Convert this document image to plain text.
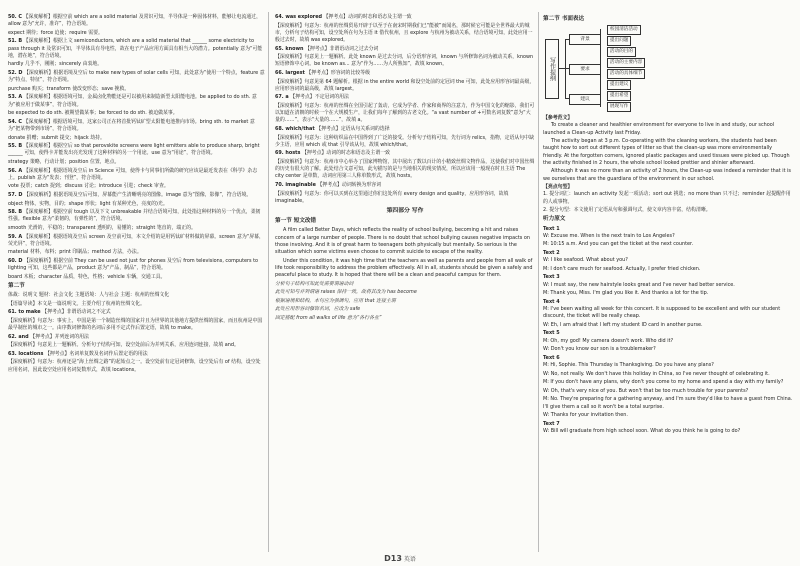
50. C 【深度解析】根据空前 which are a solid material 及常识可知，半导体是一种固体材料，能够让电流通过，allow 意为“允许，准许”，符合语境。

expect 期待；force 迫使；require 需要。

51. B 【深度解析】根据上文 semiconductors, which are a solid material that ______ some electricity to pass through it 及常识可知，半导体具有导电性，故在电子产品应用方面具有相当大的潜力。potentially 意为“可能地，潜在地”，符合语境。

hardly 几乎不，刚刚；sincerely 由衷地。

52. D 【深度解析】根据语境及空后 to make new types of solar cells 可知，此处意为“使用一个特点，feature 意为“特点，特征”，符合语境。

purchase 购买；transform 使改变形态；save 挽救。

53. A 【深度解析】根据语境可知，金属卤化物能还是可以被用来制造新型太阳能电池。be applied to do sth. 意为“被应用于做某事”，符合语境。

be expected to do sth. 被期望做某事；be forced to do sth. 被迫做某事。

54. C 【深度解析】根据语境可知，这家公司正在将首批钙钛矿型太阳能电池推向市场。bring sth. to market 意为“把某物带到市场”，符合语境。

donate 捐赠；submit 提交；hijack 劫持。

55. B 【深度解析】根据空后 so that perovskite screens were light emitters able to produce sharp, bright ______ 可知，使得卡并能发出亮光发现了这种材料的另一个用途。use 意为“用途”，符合语境。

strategy 策略，行动计划；position 位置，地点。

56. A 【深度解析】根据语境及空后 in Science 可知，使得卡与同事们所做的研究应该是最近发表在《科学》杂志上。publish 意为“发表；刊登”，符合语境。

vote 投票；catch 捉到；discuss 讨论；introduce 引进；check 审查。

57. D 【深度解析】根据语境及空后可知，屏幕能产生清晰明亮的图像。image 意为“图像，影像”，符合语境。

object 物体，实物，目的；shape 形状；light 有某种光色，亮度的)光。

58. B 【深度解析】根据空前 tough 以及下文 unbreakable 并结合语境可知，此处指这种材料的另一个优点，柔韧性强。flexible 意为“柔韧的，有弹性的”，符合语境。

smooth 光滑的，平稳的；transparent 透明的，易懂的；straight 笔直的，端正的。

59. A 【深度解析】根据语境及空后 screen 及空前可知，本文介绍的是用钙钛矿材料做的屏幕。screen 意为“屏幕，荧光屏”，符合语境。

material 材料，布料；print 印刷品；method 方法，办法。

60. D 【深度解析】根据空前 They can be used not just for phones 及空后 from televisions, computers to lighting 可知，这些都是产品，product 意为“产品，制品”，符合语境。

board 木板；character 品质，特色，性格；vehicle 车辆，交通工具。

第二节

体裁：说明文 题材：社会文化 主题语境：人与社会 主题：杭州的丝绸文化

【语篇导读】本文是一篇说明文。主要介绍了杭州的丝绸文化。

61. to make 【押考点】非谓语动词之不定式

【深度解析】句意为：事实上，中国是第一个制造丝绸的国家并且为世界的其他地方提供丝绸的国家，而且杭州是中国最早制丝的城市之一。由序数词修饰的名词后多用不定式作后置定语，故填 to make。

62. and 【押考点】并列连词的用法

【深度解析】句意见上一题解析。分析句子结构可知，设空处前后为并列关系，应用连词连接，故填 and。

63. locations 【押考点】名词单复数及名词作后置定语的用法

【深度解析】句意为：杭州还是“海上丝绸之路”的起始点之一。设空处前有定冠词修饰，设空处后有 of 结构，设空处应用名词，因此设空处应用名词复数形式，故填 locations。

64. was explored 【押考点】动词的时态和语态及主谓一致

【深度解析】句意为：杭州的丝绸贸易开辟于以至于在南宋时期我们已“能被”而闻名，那时候它可能是全世界最大的城市，分析句子结构可知，设空处所在句为主语 it 借代杭州，且 explore 与杭州为被动关系，结合语境可知，此处应用一般过去时，故填 was explored。

65. known 【押考点】非谓语动词之过去分词

【深度解析】句意见上一题解析。此处 known 是过去分词，后分语形容词，known 与所修饰名词为被动关系，known 短语修饰中心词。be known as... 意为“作为……为人所熟知”，故填 known。

66. largest 【押考点】形容词的比较等级

【深度解析】句意见第 64 题解析。根据 in the entire world 和设空处前的定冠词 the 可知，此处应用形容词最高级，应用形容词的最高级，故填 largest。

67. a 【押考点】不定冠词的用法

【深度解析】句意为：杭州的丝绸在全国引起了轰动，它成为学者、作家和商界的注意力，作为中国文化的缩影，我们可以知道在清朝的时候一个在大规模生产，让我们每年了解到的古老文化。“a vast number of +可数名词复数”意为“大量的……”，表示“大量的……”，故填 a。

68. which/that 【押考点】定语从句关系词的选择

【深度解析】句意为：这种纺织品在中国得到了广泛的接受。分析句子结构可知，先行词为 relics，指物，定语从句中缺少主语，应用 which 或 that 引导该从句，故填 which/that。

69. hosts 【押考点】动词的时态和语态及主谓一致

【深度解析】句意为：杭州市中心举办了国家博物馆，其中展出了数以百计的小精致丝绸文物作品，这使我们对中国丝绸的历史有很大的了解。此处结合文意可知，此句描写的是与当地相关的现实情况，所以应该用一般现在时且主语 The city center 是单数，动词应用第三人称单数形式，故填 hosts。

70. imaginable 【押考点】动词转换为形容词

【深度解析】句意为：你可以买到在这里通过你们这处所有 every design and quality，应用形容词，故填 imaginable。

第四部分 写作
第一节 短文改错

A film called Better Days, which reflects the reality of school bullying, becoming a hit and raises concern of a large number of people. There is no doubt that school bullying causes negative impacts on those involving. And it is of great harm to teenagers both physically but mentally. So serious is the situation which some victims even choose to commit suicide to escape of the reality.

Under this condition, it was high time that the teachers as well as parents and people from all walk of life took responsibility to address the problem effectively. All in all, students should be given a safely and peaceful place to study. It is hoped that there will be a clean and peaceful campus for them.

分析句子结构可知此处需要谓语动词

此处可知与并列谓语 raises 保持一致，故将其改为 has become

根据语境和结构，本句应为强调句，应用 that 连接主谓

此处应用形容词修饰名词，应改为 safe

固定搭配 from all walks of life 意为“各行各业”

第二节 书面表达
写作提纲
背景
要求
建议
校园清洁活动
提出问题
活动的目的
活动的主要内容
活动的具体细节
提出建议
提出希望
展现写作
【参考范文】

To create a cleaner and healthier environment for everyone to live in and study, our school launched a Clean-up Activity last Friday.

The activity began at 3 p.m. Co-operating with the cleaning workers, the students had been taught how to sort out different types of litter so that the clean-up was more environmentally friendly. At the forgotten corners, ignored plastic packages and used tissues were picked up. Though the activity finished in 2 hours, the whole school looked prettier and shinier afterward.

Although it was no more than an activity of 2 hours, the Clean-up was indeed a reminder that it is we ourselves that are the guardians of the environment in our school.

【亮点句型】

1. 提分词汇：launch an activity 发起一项活动；sort out 挑选；no more than 只不过；reminder 起提醒作用的人或事物。

2. 提分句型：本文使用了定语从句和强调句式，使文章内容丰富，结构清晰。

听力原文
Text 1

W: Excuse me. When is the next train to Los Angeles?

M: 10:15 a.m. And you can get the ticket at the next counter.

Text 2

W: I like seafood. What about you?

M: I don't care much for seafood. Actually, I prefer fried chicken.

Text 3

W: I must say, the new hairstyle looks great and I've never had better service.

M: Thank you, Miss. I'm glad you like it. And thanks a lot for the tip.

Text 4

M: I've been waiting all week for this concert. It is supposed to be excellent and with our student discount, the ticket will be really cheap.

W: Eh, I am afraid that I left my student ID card in another purse.

Text 5

M: Oh, my god! My camera doesn't work. Who did it?

W: Don't you know our son is a troublemaker?

Text 6

M: Hi, Sophie. This Thursday is Thanksgiving. Do you have any plans?

W: No, not really. We don't have this holiday in China, so I've never thought of celebrating it.

M: If you don't have any plans, why don't you come to my home and spend a day with my family?

W: Oh, that's very nice of you. But won't that be too much trouble for your parents?

M: No. They're preparing for a gathering anyway, and I'm sure they'd like to have a guest from China. I'll give them a call so it won't be a total surprise.

W: Thanks for your invitation then.

Text 7

W: Bill will graduate from high school soon. What do you think he is going to do?

D13 英语
